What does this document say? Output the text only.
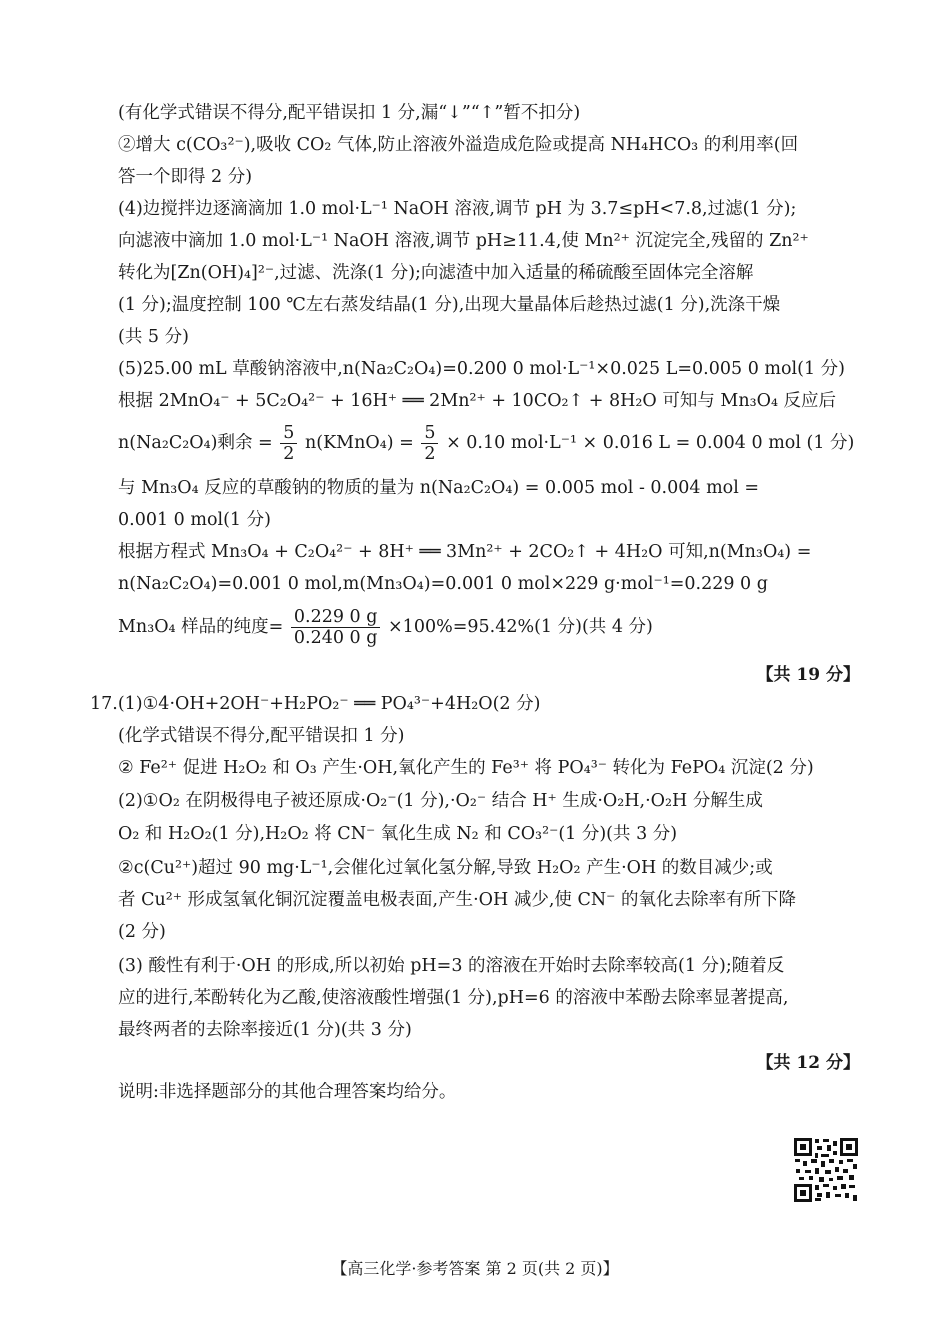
(有化学式错误不得分,配平错误扣 1 分,漏“↓”“↑”暂不扣分)
②增大 c(CO₃²⁻),吸收 CO₂ 气体,防止溶液外溢造成危险或提高 NH₄HCO₃ 的利用率(回
答一个即得 2 分)
(4)边搅拌边逐滴滴加 1.0 mol·L⁻¹ NaOH 溶液,调节 pH 为 3.7≤pH<7.8,过滤(1 分);
向滤液中滴加 1.0 mol·L⁻¹ NaOH 溶液,调节 pH≥11.4,使 Mn²⁺ 沉淀完全,残留的 Zn²⁺
转化为[Zn(OH)₄]²⁻,过滤、洗涤(1 分);向滤渣中加入适量的稀硫酸至固体完全溶解
(1 分);温度控制 100 ℃左右蒸发结晶(1 分),出现大量晶体后趁热过滤(1 分),洗涤干燥
(共 5 分)
(5)25.00 mL 草酸钠溶液中,n(Na₂C₂O₄)=0.200 0 mol·L⁻¹×0.025 L=0.005 0 mol(1 分)
根据 2MnO₄⁻ + 5C₂O₄²⁻ + 16H⁺ ══ 2Mn²⁺ + 10CO₂↑ + 8H₂O 可知与 Mn₃O₄ 反应后
n(Na₂C₂O₄)剩余 = $\frac{5}{2}$ n(KMnO₄) = $\frac{5}{2} \times 0.10$ mol·L⁻¹ × 0.016 L = 0.004 0 mol (1 分)
与 Mn₃O₄ 反应的草酸钠的物质的量为 n(Na₂C₂O₄) = 0.005 mol - 0.004 mol =
0.001 0 mol(1 分)
根据方程式 Mn₃O₄ + C₂O₄²⁻ + 8H⁺ ══ 3Mn²⁺ + 2CO₂↑ + 4H₂O 可知,n(Mn₃O₄) =
n(Na₂C₂O₄)=0.001 0 mol,m(Mn₃O₄)=0.001 0 mol×229 g·mol⁻¹=0.229 0 g
Mn₃O₄ 样品的纯度= $\frac{0.229 0 g}{0.240 0 g} \times 100\%=95.42\%(1$ 分)(共 4 分)
【共 19 分】
17.(1)①4·OH+2OH⁻+H₂PO₂⁻ ══ PO₄³⁻+4H₂O(2 分)
(化学式错误不得分,配平错误扣 1 分)
② Fe²⁺ 促进 H₂O₂ 和 O₃ 产生·OH,氧化产生的 Fe³⁺ 将 PO₄³⁻ 转化为 FePO₄ 沉淀(2 分)
(2)①O₂ 在阴极得电子被还原成·O₂⁻(1 分),·O₂⁻ 结合 H⁺ 生成·O₂H,·O₂H 分解生成
O₂ 和 H₂O₂(1 分),H₂O₂ 将 CN⁻ 氧化生成 N₂ 和 CO₃²⁻(1 分)(共 3 分)
②c(Cu²⁺)超过 90 mg·L⁻¹,会催化过氧化氢分解,导致 H₂O₂ 产生·OH 的数目减少;或
者 Cu²⁺ 形成氢氧化铜沉淀覆盖电极表面,产生·OH 减少,使 CN⁻ 的氧化去除率有所下降
(2 分)
(3) 酸性有利于·OH 的形成,所以初始 pH=3 的溶液在开始时去除率较高(1 分);随着反
应的进行,苯酚转化为乙酸,使溶液酸性增强(1 分),pH=6 的溶液中苯酚去除率显著提高,
最终两者的去除率接近(1 分)(共 3 分)
【共 12 分】
说明:非选择题部分的其他合理答案均给分。
【高三化学·参考答案 第 2 页(共 2 页)】
